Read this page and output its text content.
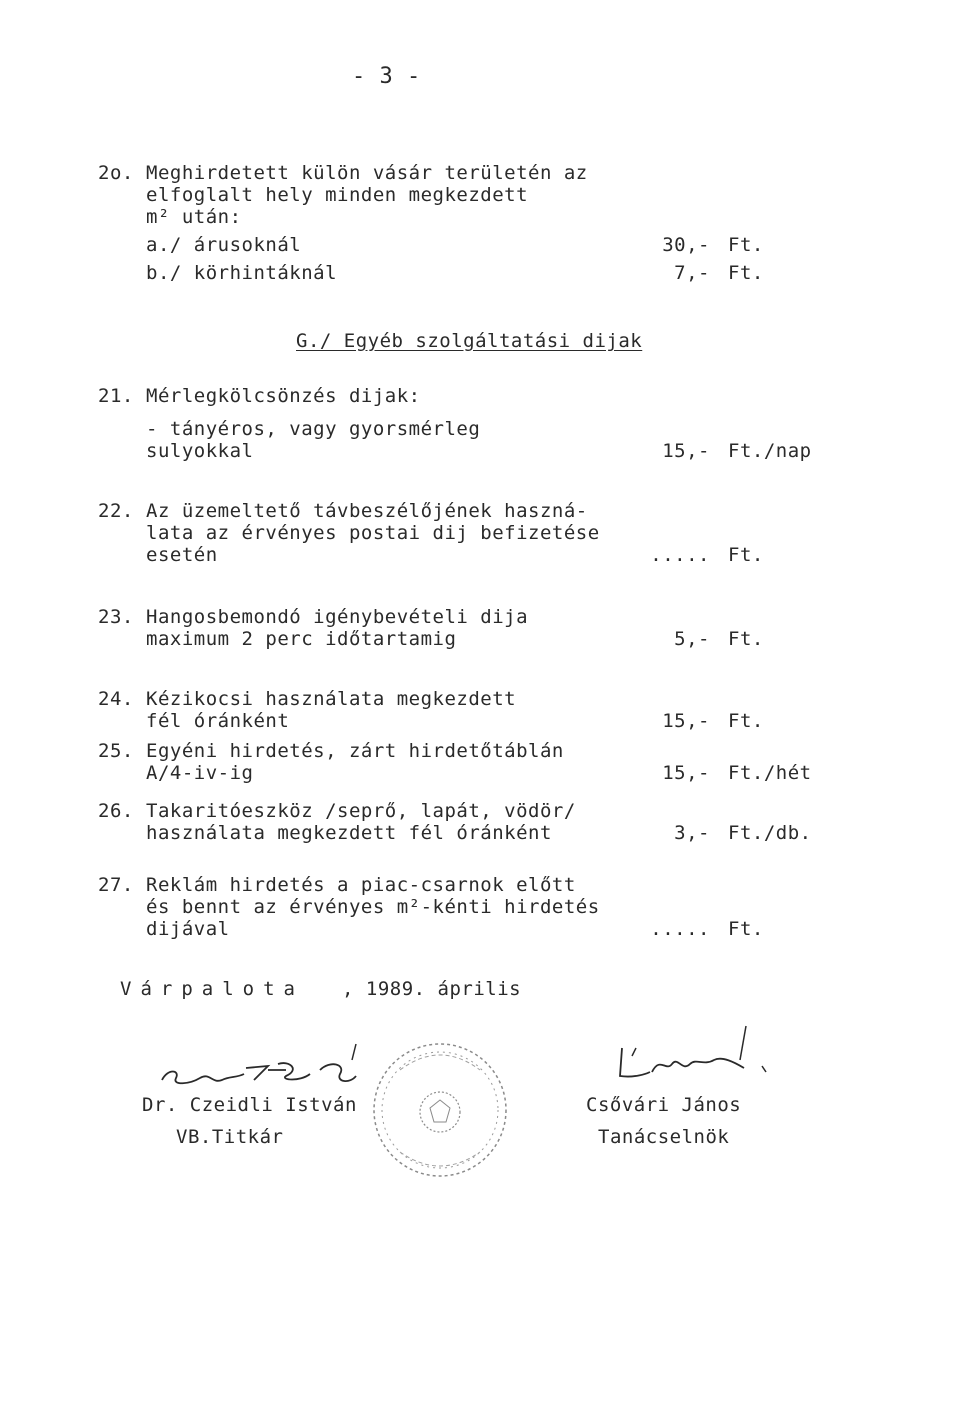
- 3 -
2o. Meghirdetett külön vásár területén az
elfoglalt hely minden megkezdett
m² után:
a./ árusoknál	30,- Ft.
b./ körhintáknál	7,- Ft.
G./ Egyéb szolgáltatási dijak
21. Mérlegkölcsönzés dijak:
- tányéros, vagy gyorsmérleg
sulyokkal	15,- Ft./nap
22. Az üzemeltető távbeszélőjének haszná-
lata az érvényes postai dij befizetése
esetén	..... Ft.
23. Hangosbemondó igénybevételi dija
maximum 2 perc időtartamig	5,- Ft.
24. Kézikocsi használata megkezdett
fél óránként	15,- Ft.
25. Egyéni hirdetés, zárt hirdetőtáblán
A/4-iv-ig	15,- Ft./hét
26. Takaritóeszköz /seprő, lapát, vödör/
használata megkezdett fél óránként	3,- Ft./db.
27. Reklám hirdetés a piac-csarnok előtt
és bennt az érvényes m²-kénti hirdetés
dijával	..... Ft.
Várpalota , 1989. április
Dr. Czeidli István
VB.Titkár
Csővári János
Tanácselnök
